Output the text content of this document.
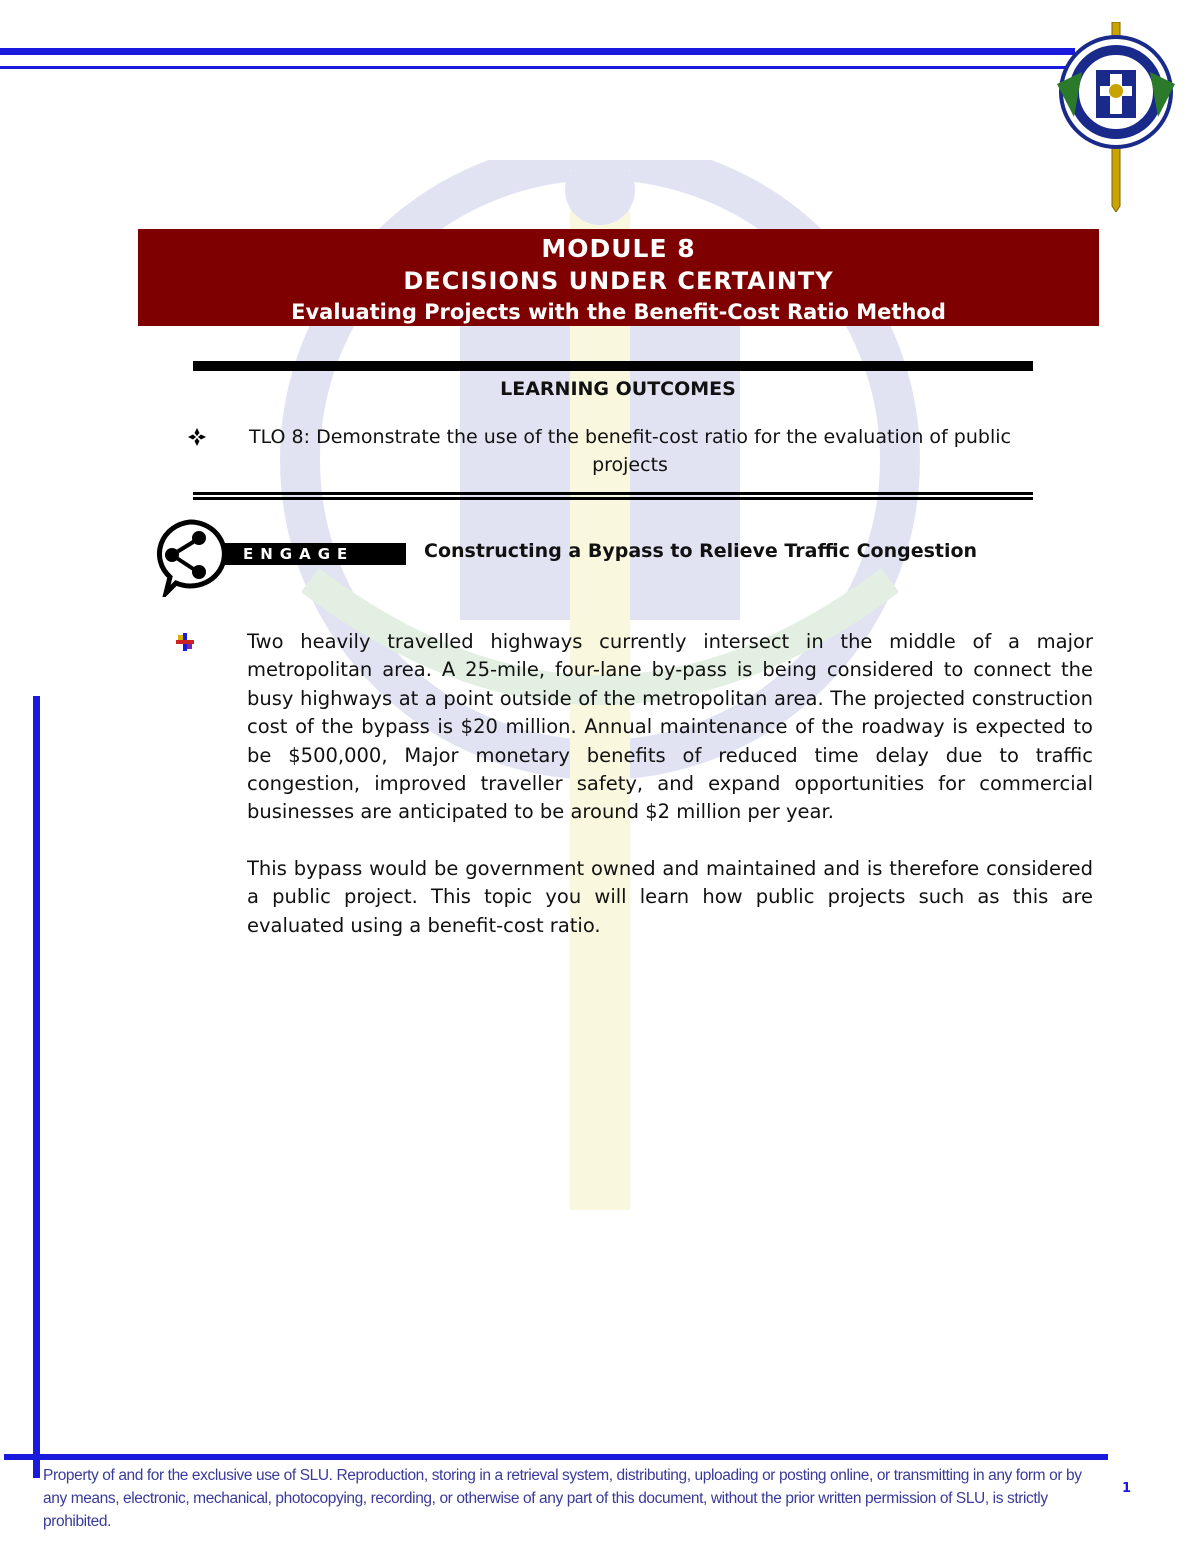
MODULE 8
DECISIONS UNDER CERTAINTY
Evaluating Projects with the Benefit-Cost Ratio Method
LEARNING OUTCOMES
TLO 8: Demonstrate the use of the benefit-cost ratio for the evaluation of public projects
ENGAGE	Constructing a Bypass to Relieve Traffic Congestion

Two heavily travelled highways currently intersect in the middle of a major metropolitan area. A 25-mile, four-lane by-pass is being considered to connect the busy highways at a point outside of the metropolitan area. The projected construction cost of the bypass is $20 million. Annual maintenance of the roadway is expected to be $500,000, Major monetary benefits of reduced time delay due to traffic congestion, improved traveller safety, and expand opportunities for commercial businesses are anticipated to be around $2 million per year.

This bypass would be government owned and maintained and is therefore considered a public project. This topic you will learn how public projects such as this are evaluated using a benefit-cost ratio.

Property of and for the exclusive use of SLU. Reproduction, storing in a retrieval system, distributing, uploading or posting online, or transmitting in any form or by any means, electronic, mechanical, photocopying, recording, or otherwise of any part of this document, without the prior written permission of SLU, is strictly prohibited.
1
